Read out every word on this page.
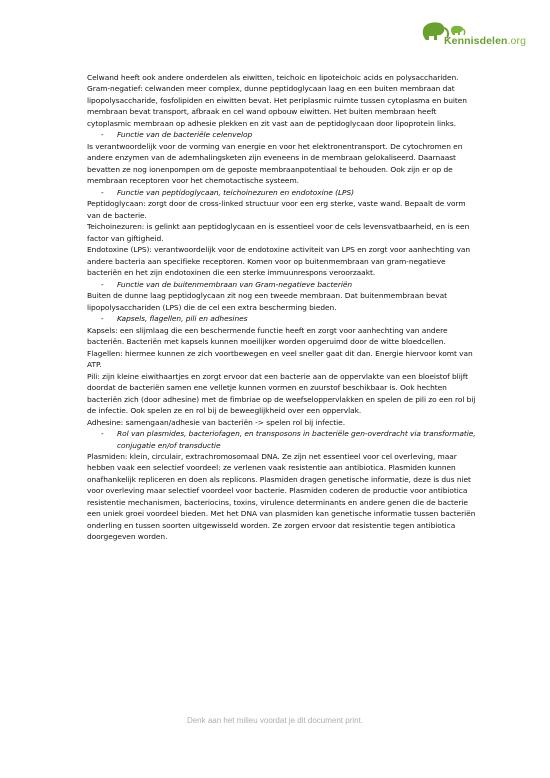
Kennisdelen.org

Celwand heeft ook andere onderdelen als eiwitten, teichoic en lipoteichoic acids en polysacchariden.

Gram-negatief: celwanden meer complex, dunne peptidoglycaan laag en een buiten membraan dat lipopolysaccharide, fosfolipiden en eiwitten bevat. Het periplasmic ruimte tussen cytoplasma en buiten membraan bevat transport, afbraak en cel wand opbouw eiwitten. Het buiten membraan heeft cytoplasmic membraan op adhesie plekken en zit vast aan de peptidoglycaan door lipoprotein links.

- Functie van de bacteriële celenvelop

Is verantwoordelijk voor de vorming van energie en voor het elektronentransport. De cytochromen en andere enzymen van de ademhalingsketen zijn eveneens in de membraan gelokaliseerd. Daarnaast bevatten ze nog ionenpompen om de geposte membraanpotentiaal te behouden. Ook zijn er op de membraan receptoren voor het chemotactische systeem.

- Functie van peptidoglycaan, teichoinezuren en endotoxine (LPS)

Peptidoglycaan: zorgt door de cross-linked structuur voor een erg sterke, vaste wand. Bepaalt de vorm van de bacterie.

Teichoinezuren: is gelinkt aan peptidoglycaan en is essentieel voor de cels levensvatbaarheid, en is een factor van giftigheid.

Endotoxine (LPS): verantwoordelijk voor de endotoxine activiteit van LPS en zorgt voor aanhechting van andere bacteria aan specifieke receptoren. Komen voor op buitenmembraan van gram-negatieve bacteriën en het zijn endotoxinen die een sterke immuunrespons veroorzaakt.

- Functie van de buitenmembraan van Gram-negatieve bacteriën

Buiten de dunne laag peptidoglycaan zit nog een tweede membraan. Dat buitenmembraan bevat lipopolysacchariden (LPS) die de cel een extra bescherming bieden.

- Kapsels, flagellen, pili en adhesines

Kapsels: een slijmlaag die een beschermende functie heeft en zorgt voor aanhechting van andere bacteriën. Bacteriën met kapsels kunnen moeilijker worden opgeruimd door de witte bloedcellen.

Flagellen: hiermee kunnen ze zich voortbewegen en veel sneller gaat dit dan. Energie hiervoor komt van ATP.

Pili: zijn kleine eiwithaartjes en zorgt ervoor dat een bacterie aan de oppervlakte van een bloeistof blijft doordat de bacteriën samen ene velletje kunnen vormen en zuurstof beschikbaar is. Ook hechten bacteriën zich (door adhesine) met de fimbriae op de weefseloppervlakken en spelen de pili zo een rol bij de infectie. Ook spelen ze en rol bij de beweeglijkheid over een oppervlak.

Adhesine: samengaan/adhesie van bacteriën -> spelen rol bij infectie.

- Rol van plasmides, bacteriofagen, en transposons in bacteriële gen-overdracht via transformatie, conjugatie en/of transductie

Plasmiden: klein, circulair, extrachromosomaal DNA. Ze zijn net essentieel voor cel overleving, maar hebben vaak een selectief voordeel: ze verlenen vaak resistentie aan antibiotica. Plasmiden kunnen onafhankelijk repliceren en doen als replicons. Plasmiden dragen genetische informatie, deze is dus niet voor overleving maar selectief voordeel voor bacterie. Plasmiden coderen de productie voor antibiotica resistentie mechanismen, bacteriocins, toxins, virulence determinants en andere genen die de bacterie een uniek groei voordeel bieden. Met het DNA van plasmiden kan genetische informatie tussen bacteriën onderling en tussen soorten uitgewisseld worden. Ze zorgen ervoor dat resistentie tegen antibiotica doorgegeven worden.

Denk aan het milieu voordat je dit document print.
